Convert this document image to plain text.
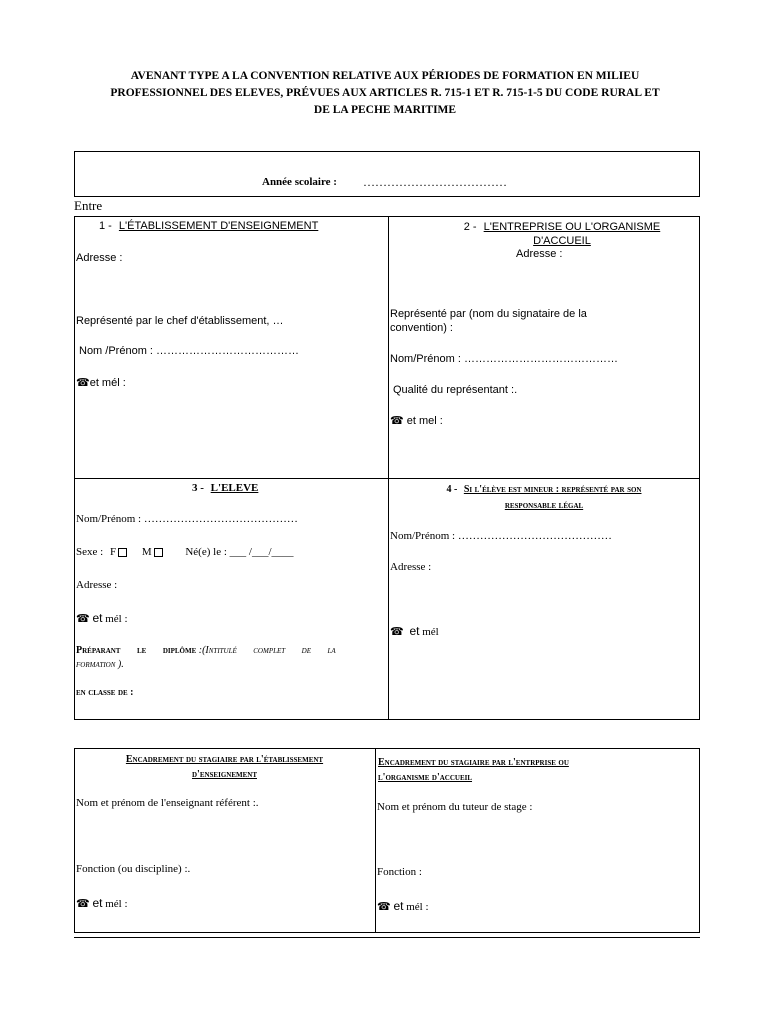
AVENANT TYPE A LA CONVENTION RELATIVE AUX PÉRIODES DE FORMATION EN MILIEU
PROFESSIONNEL DES ELEVES, PRÉVUES AUX ARTICLES R. 715-1 ET R. 715-1-5 DU CODE RURAL ET
DE LA PECHE MARITIME
Année scolaire : ………………………………
Entre
1 - L'ÉTABLISSEMENT D'ENSEIGNEMENT
Adresse :
Représenté par le chef d'établissement, …
Nom /Prénom : …………………………………
☎et mél :
2 - L'ENTREPRISE OU L'ORGANISME
D'ACCUEIL
Adresse :
Représenté par (nom du signataire de la
convention) :
Nom/Prénom : ……………………………………
Qualité du représentant :.
☎ et mel :
3 - L'ELEVE
Nom/Prénom : ……………………………………
Sexe : F M	Né(e) le : ___ /___/____
Adresse :
☎ et mél :
Préparant le diplôme :(Intitulé complet de la
formation ).
en classe de :
4 - Si l'élève est mineur : représenté par son
responsable légal
Nom/Prénom : ……………………………………
Adresse :
☎ et mél
Encadrement du stagiaire par l'établissement
d'enseignement
Nom et prénom de l'enseignant référent :.
Fonction (ou discipline) :.
☎ et mél :
Encadrement du stagiaire par l'entrprise ou
l'organisme d'accueil
Nom et prénom du tuteur de stage :
Fonction :
☎ et mél :
